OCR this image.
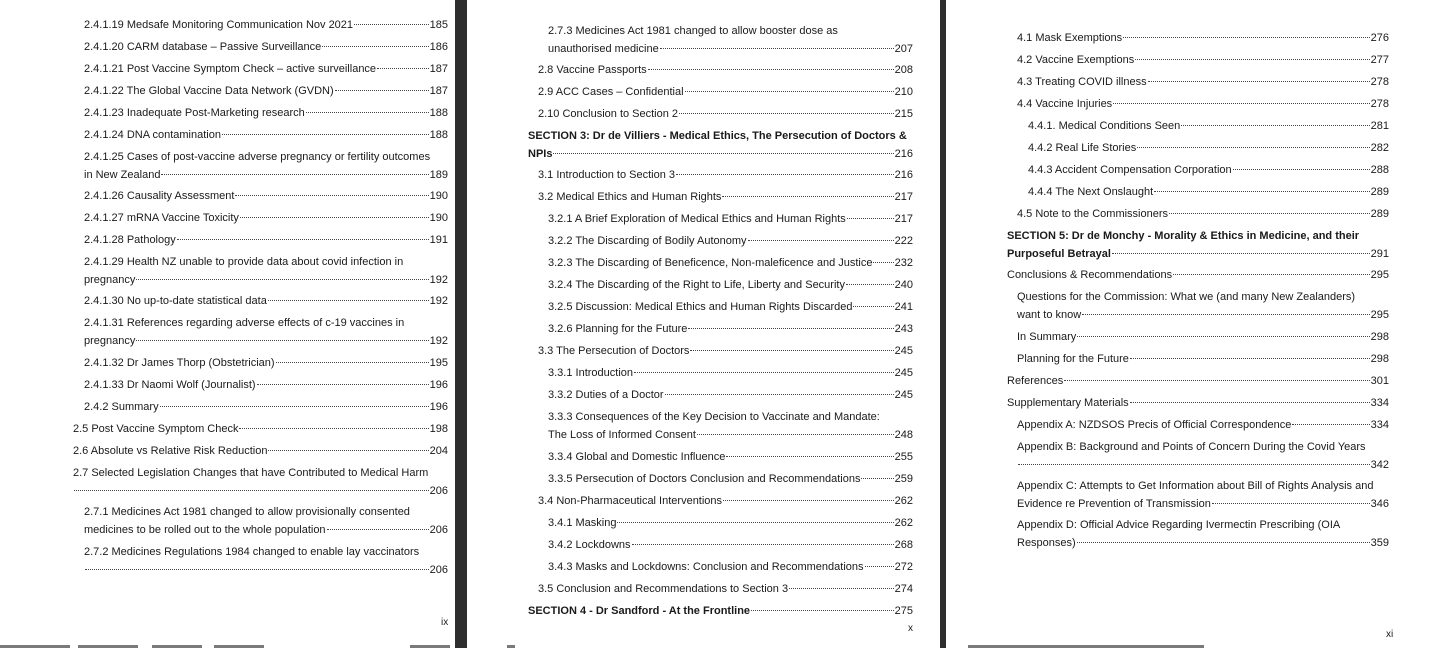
2.4.1.19 Medsafe Monitoring Communication Nov 2021	185
2.4.1.20 CARM database – Passive Surveillance	186
2.4.1.21 Post Vaccine Symptom Check – active surveillance	187
2.4.1.22 The Global Vaccine Data Network (GVDN)	187
2.4.1.23 Inadequate Post-Marketing research	188
2.4.1.24 DNA contamination	188
2.4.1.25 Cases of post-vaccine adverse pregnancy or fertility outcomes
in New Zealand	189
2.4.1.26 Causality Assessment	190
2.4.1.27 mRNA Vaccine Toxicity	190
2.4.1.28 Pathology	191
2.4.1.29 Health NZ unable to provide data about covid infection in
pregnancy	192
2.4.1.30 No up-to-date statistical data	192
2.4.1.31 References regarding adverse effects of c-19 vaccines in
pregnancy	192
2.4.1.32 Dr James Thorp (Obstetrician)	195
2.4.1.33 Dr Naomi Wolf (Journalist)	196
2.4.2 Summary	196
2.5 Post Vaccine Symptom Check	198
2.6 Absolute vs Relative Risk Reduction	204
2.7 Selected Legislation Changes that have Contributed to Medical Harm
206
2.7.1 Medicines Act 1981 changed to allow provisionally consented
medicines to be rolled out to the whole population	206
2.7.2 Medicines Regulations 1984 changed to enable lay vaccinators
206
ix
2.7.3 Medicines Act 1981 changed to allow booster dose as
unauthorised medicine	207
2.8 Vaccine Passports	208
2.9 ACC Cases – Confidential	210
2.10 Conclusion to Section 2	215
SECTION 3: Dr de Villiers - Medical Ethics, The Persecution of Doctors &
NPIs	216
3.1 Introduction to Section 3	216
3.2 Medical Ethics and Human Rights	217
3.2.1 A Brief Exploration of Medical Ethics and Human Rights	217
3.2.2 The Discarding of Bodily Autonomy	222
3.2.3 The Discarding of Beneficence, Non-maleficence and Justice 232
3.2.4 The Discarding of the Right to Life, Liberty and Security	240
3.2.5 Discussion: Medical Ethics and Human Rights Discarded	241
3.2.6 Planning for the Future	243
3.3 The Persecution of Doctors	245
3.3.1 Introduction	245
3.3.2 Duties of a Doctor	245
3.3.3 Consequences of the Key Decision to Vaccinate and Mandate:
The Loss of Informed Consent	248
3.3.4 Global and Domestic Influence	255
3.3.5 Persecution of Doctors Conclusion and Recommendations	259
3.4 Non-Pharmaceutical Interventions	262
3.4.1 Masking	262
3.4.2 Lockdowns	268
3.4.3 Masks and Lockdowns: Conclusion and Recommendations	272
3.5 Conclusion and Recommendations to Section 3	274
SECTION 4 - Dr Sandford - At the Frontline	275
x
4.1 Mask Exemptions	276
4.2 Vaccine Exemptions	277
4.3 Treating COVID illness	278
4.4 Vaccine Injuries	278
4.4.1. Medical Conditions Seen	281
4.4.2 Real Life Stories	282
4.4.3 Accident Compensation Corporation	288
4.4.4 The Next Onslaught	289
4.5 Note to the Commissioners	289
SECTION 5: Dr de Monchy - Morality & Ethics in Medicine, and their
Purposeful Betrayal	291
Conclusions & Recommendations	295
Questions for the Commission: What we (and many New Zealanders)
want to know	295
In Summary	298
Planning for the Future	298
References	301
Supplementary Materials	334
Appendix A: NZDSOS Precis of Official Correspondence	334
Appendix B: Background and Points of Concern During the Covid Years
342
Appendix C: Attempts to Get Information about Bill of Rights Analysis and
Evidence re Prevention of Transmission	346
Appendix D: Official Advice Regarding Ivermectin Prescribing (OIA
Responses)	359
xi
